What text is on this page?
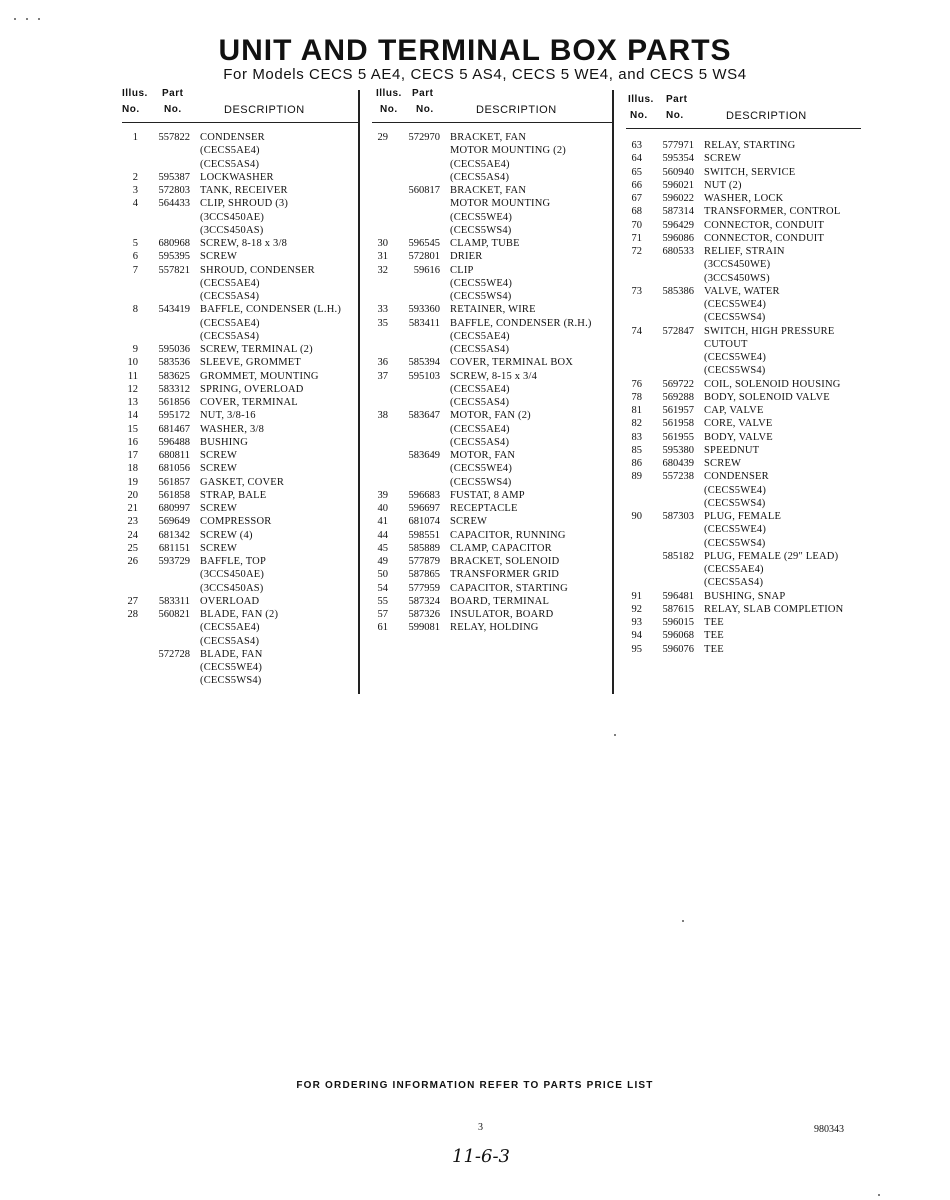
UNIT AND TERMINAL BOX PARTS
For Models CECS 5 AE4, CECS 5 AS4, CECS 5 WE4, and CECS 5 WS4
Illus. Part
No. No.	DESCRIPTION
1	557822 CONDENSER
(CECS5AE4)
(CECS5AS4)
2	595387 LOCKWASHER
3	572803 TANK, RECEIVER
4	564433 CLIP, SHROUD (3)
(3CCS450AE)
(3CCS450AS)
5	680968 SCREW, 8-18 x 3/8
6	595395 SCREW
7	557821 SHROUD, CONDENSER
(CECS5AE4)
(CECS5AS4)
8	543419 BAFFLE, CONDENSER (L.H.)
(CECS5AE4)
(CECS5AS4)
9	595036 SCREW, TERMINAL (2)
10	583536 SLEEVE, GROMMET
11	583625 GROMMET, MOUNTING
12	583312 SPRING, OVERLOAD
13	561856 COVER, TERMINAL
14	595172 NUT, 3/8-16
15	681467 WASHER, 3/8
16	596488 BUSHING
17	680811 SCREW
18	681056 SCREW
19	561857 GASKET, COVER
20	561858 STRAP, BALE
21	680997 SCREW
23	569649 COMPRESSOR
24	681342 SCREW (4)
25	681151 SCREW
26	593729 BAFFLE, TOP
(3CCS450AE)
(3CCS450AS)
27	583311 OVERLOAD
28	560821 BLADE, FAN (2)
(CECS5AE4)
(CECS5AS4)
572728 BLADE, FAN
(CECS5WE4)
(CECS5WS4)
Illus. Part
No. No.	DESCRIPTION
29	572970 BRACKET, FAN
MOTOR MOUNTING (2)
(CECS5AE4)
(CECS5AS4)
560817 BRACKET, FAN
MOTOR MOUNTING
(CECS5WE4)
(CECS5WS4)
30	596545 CLAMP, TUBE
31	572801 DRIER
32	59616 CLIP
(CECS5WE4)
(CECS5WS4)
33	593360 RETAINER, WIRE
35	583411 BAFFLE, CONDENSER (R.H.)
(CECS5AE4)
(CECS5AS4)
36	585394 COVER, TERMINAL BOX
37	595103 SCREW, 8-15 x 3/4
(CECS5AE4)
(CECS5AS4)
38	583647 MOTOR, FAN (2)
(CECS5AE4)
(CECS5AS4)
583649 MOTOR, FAN
(CECS5WE4)
(CECS5WS4)
39	596683 FUSTAT, 8 AMP
40	596697 RECEPTACLE
41	681074 SCREW
44	598551 CAPACITOR, RUNNING
45	585889 CLAMP, CAPACITOR
49	577879 BRACKET, SOLENOID
50	587865 TRANSFORMER GRID
54	577959 CAPACITOR, STARTING
55	587324 BOARD, TERMINAL
57	587326 INSULATOR, BOARD
61	599081 RELAY, HOLDING
Illus. Part
No. No.	DESCRIPTION
63	577971 RELAY, STARTING
64	595354 SCREW
65	560940 SWITCH, SERVICE
66	596021 NUT (2)
67	596022 WASHER, LOCK
68	587314 TRANSFORMER, CONTROL
70	596429 CONNECTOR, CONDUIT
71	596086 CONNECTOR, CONDUIT
72	680533 RELIEF, STRAIN
(3CCS450WE)
(3CCS450WS)
73	585386 VALVE, WATER
(CECS5WE4)
(CECS5WS4)
74	572847 SWITCH, HIGH PRESSURE
CUTOUT
(CECS5WE4)
(CECS5WS4)
76	569722 COIL, SOLENOID HOUSING
78	569288 BODY, SOLENOID VALVE
81	561957 CAP, VALVE
82	561958 CORE, VALVE
83	561955 BODY, VALVE
85	595380 SPEEDNUT
86	680439 SCREW
89	557238 CONDENSER
(CECS5WE4)
(CECS5WS4)
90	587303 PLUG, FEMALE
(CECS5WE4)
(CECS5WS4)
585182 PLUG, FEMALE (29" LEAD)
(CECS5AE4)
(CECS5AS4)
91	596481 BUSHING, SNAP
92	587615 RELAY, SLAB COMPLETION
93	596015 TEE
94	596068 TEE
95	596076 TEE
FOR ORDERING INFORMATION REFER TO PARTS PRICE LIST
3	980343
11-6-3
